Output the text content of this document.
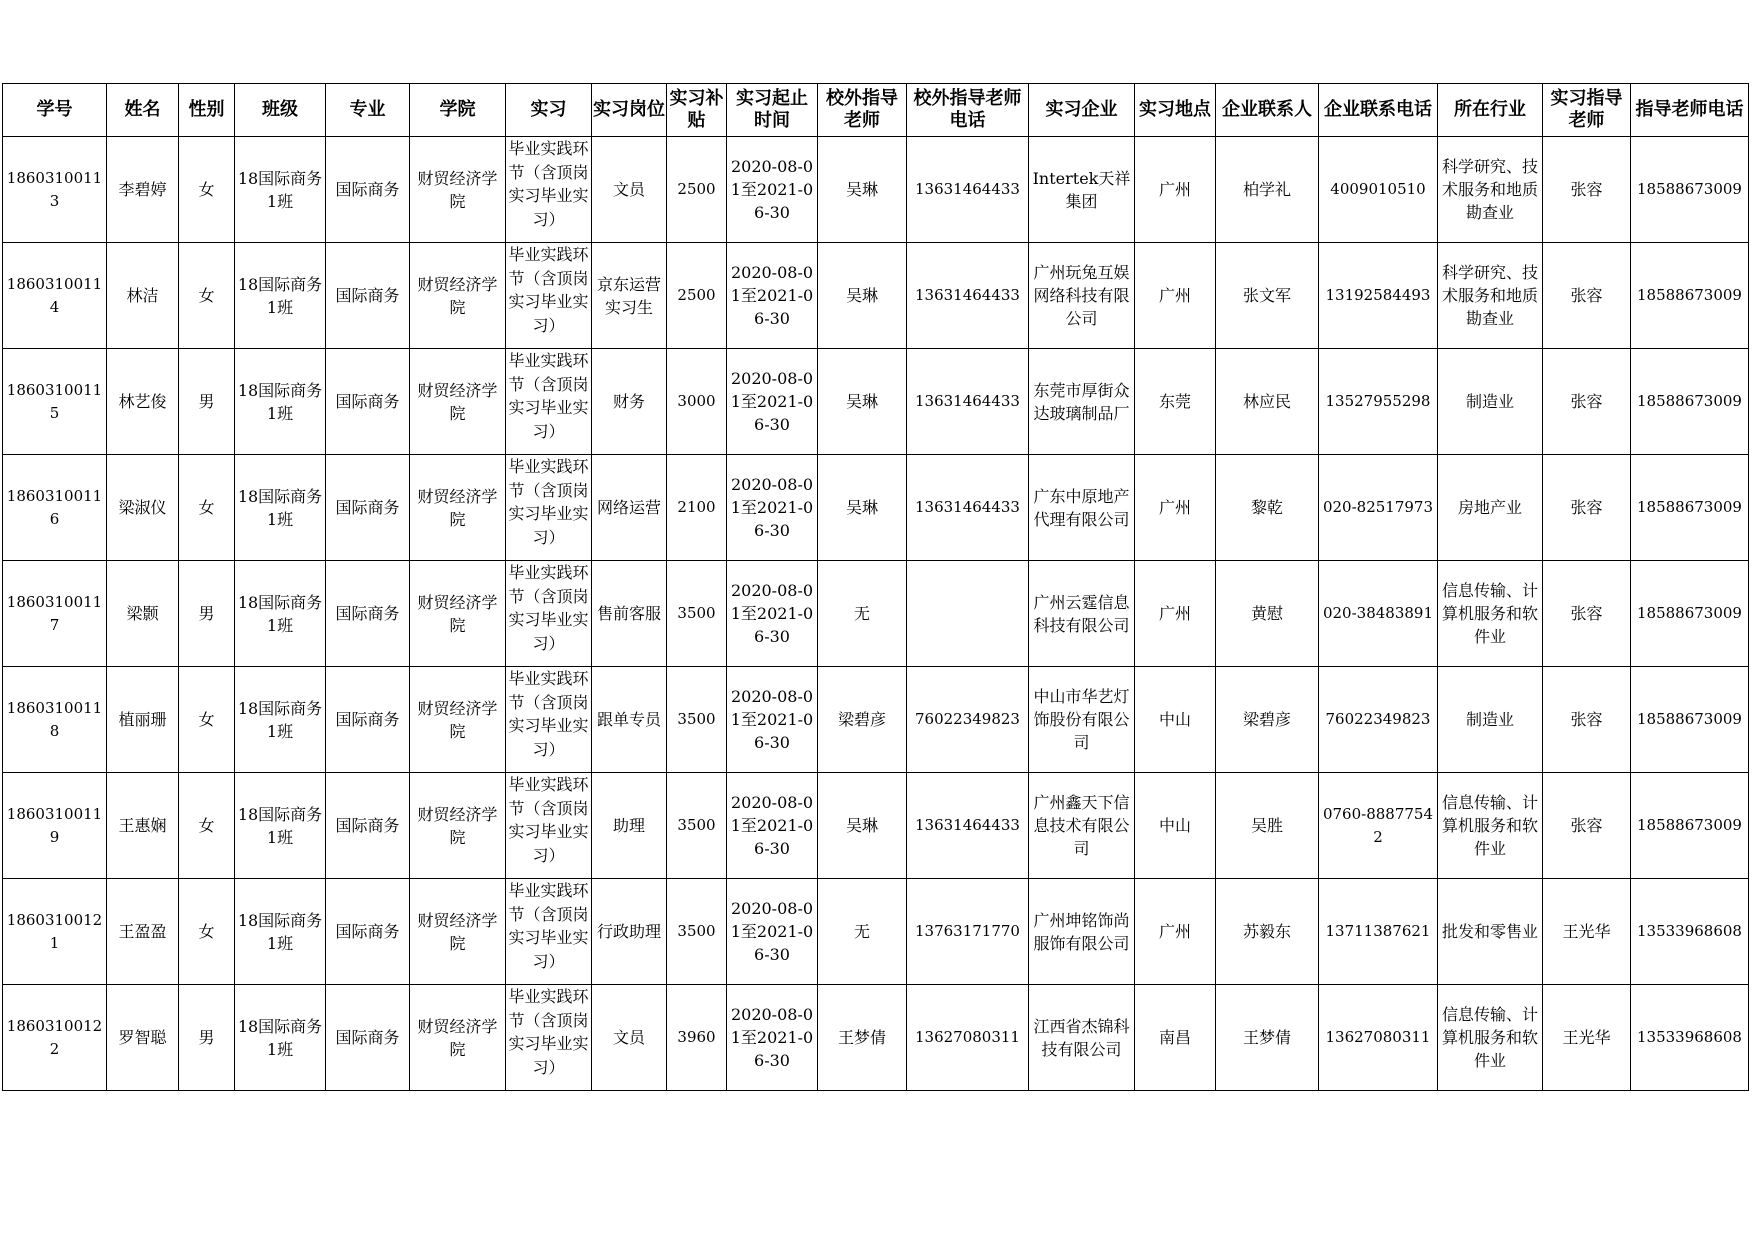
学号	姓名	性别	班级	专业	学院	实习	实习岗位	实习补贴	实习起止时间	校外指导老师	校外指导老师电话	实习企业	实习地点	企业联系人	企业联系电话	所在行业	实习指导老师	指导老师电话
18603100113	李碧婷	女	18国际商务1班	国际商务	财贸经济学院	毕业实践环节（含顶岗实习毕业实习）	文员	2500	2020-08-01至2021-06-30	吴琳	13631464433	Intertek天祥集团	广州	柏学礼	4009010510	科学研究、技术服务和地质勘查业	张容	18588673009
18603100114	林洁	女	18国际商务1班	国际商务	财贸经济学院	毕业实践环节（含顶岗实习毕业实习）	京东运营实习生	2500	2020-08-01至2021-06-30	吴琳	13631464433	广州玩兔互娱网络科技有限公司	广州	张文军	13192584493	科学研究、技术服务和地质勘查业	张容	18588673009
18603100115	林艺俊	男	18国际商务1班	国际商务	财贸经济学院	毕业实践环节（含顶岗实习毕业实习）	财务	3000	2020-08-01至2021-06-30	吴琳	13631464433	东莞市厚街众达玻璃制品厂	东莞	林应民	13527955298	制造业	张容	18588673009
18603100116	梁淑仪	女	18国际商务1班	国际商务	财贸经济学院	毕业实践环节（含顶岗实习毕业实习）	网络运营	2100	2020-08-01至2021-06-30	吴琳	13631464433	广东中原地产代理有限公司	广州	黎乾	020-82517973	房地产业	张容	18588673009
18603100117	梁颢	男	18国际商务1班	国际商务	财贸经济学院	毕业实践环节（含顶岗实习毕业实习）	售前客服	3500	2020-08-01至2021-06-30	无		广州云霆信息科技有限公司	广州	黄慰	020-38483891	信息传输、计算机服务和软件业	张容	18588673009
18603100118	植丽珊	女	18国际商务1班	国际商务	财贸经济学院	毕业实践环节（含顶岗实习毕业实习）	跟单专员	3500	2020-08-01至2021-06-30	梁碧彦	76022349823	中山市华艺灯饰股份有限公司	中山	梁碧彦	76022349823	制造业	张容	18588673009
18603100119	王惠娴	女	18国际商务1班	国际商务	财贸经济学院	毕业实践环节（含顶岗实习毕业实习）	助理	3500	2020-08-01至2021-06-30	吴琳	13631464433	广州鑫天下信息技术有限公司	中山	吴胜	0760-88877542	信息传输、计算机服务和软件业	张容	18588673009
18603100121	王盈盈	女	18国际商务1班	国际商务	财贸经济学院	毕业实践环节（含顶岗实习毕业实习）	行政助理	3500	2020-08-01至2021-06-30	无	13763171770	广州坤铭饰尚服饰有限公司	广州	苏毅东	13711387621	批发和零售业	王光华	13533968608
18603100122	罗智聪	男	18国际商务1班	国际商务	财贸经济学院	毕业实践环节（含顶岗实习毕业实习）	文员	3960	2020-08-01至2021-06-30	王梦倩	13627080311	江西省杰锦科技有限公司	南昌	王梦倩	13627080311	信息传输、计算机服务和软件业	王光华	13533968608
